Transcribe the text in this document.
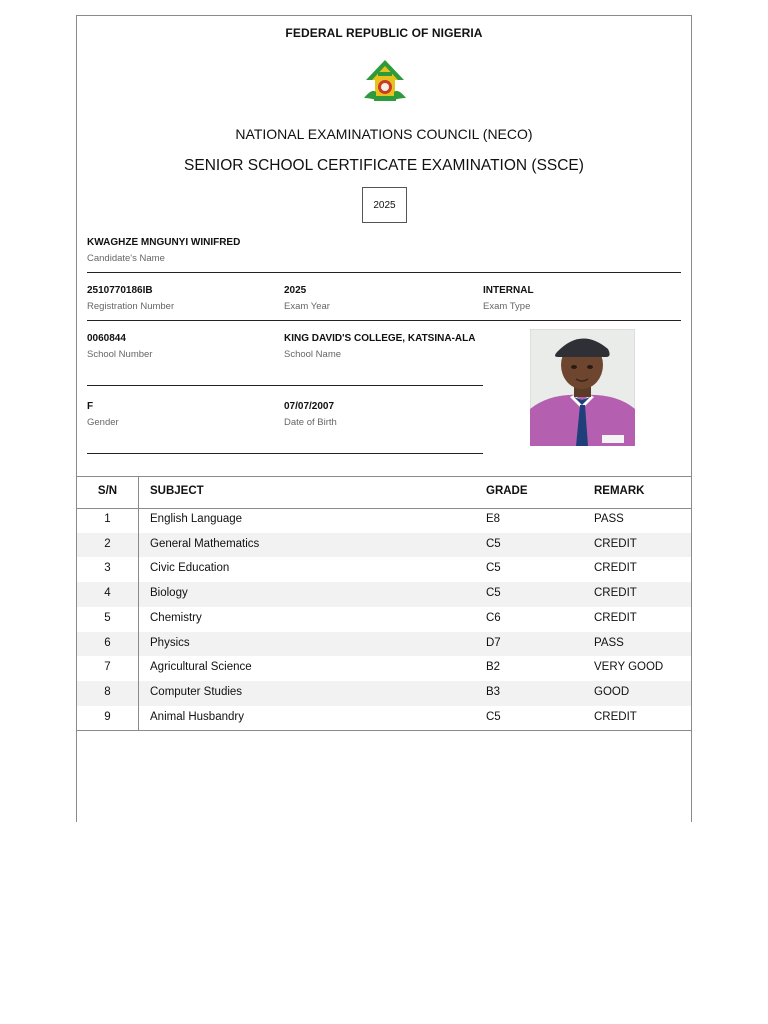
FEDERAL REPUBLIC OF NIGERIA
NATIONAL EXAMINATIONS COUNCIL (NECO)
SENIOR SCHOOL CERTIFICATE EXAMINATION (SSCE)
2025
KWAGHZE MNGUNYI WINIFRED
Candidate's Name
2510770186IB
Registration Number
2025
Exam Year
INTERNAL
Exam Type
0060844
School Number
KING DAVID'S COLLEGE, KATSINA-ALA
School Name
F
Gender
07/07/2007
Date of Birth
S/N	SUBJECT	GRADE	REMARK
1	English Language	E8	PASS
2	General Mathematics	C5	CREDIT
3	Civic Education	C5	CREDIT
4	Biology	C5	CREDIT
5	Chemistry	C6	CREDIT
6	Physics	D7	PASS
7	Agricultural Science	B2	VERY GOOD
8	Computer Studies	B3	GOOD
9	Animal Husbandry	C5	CREDIT
